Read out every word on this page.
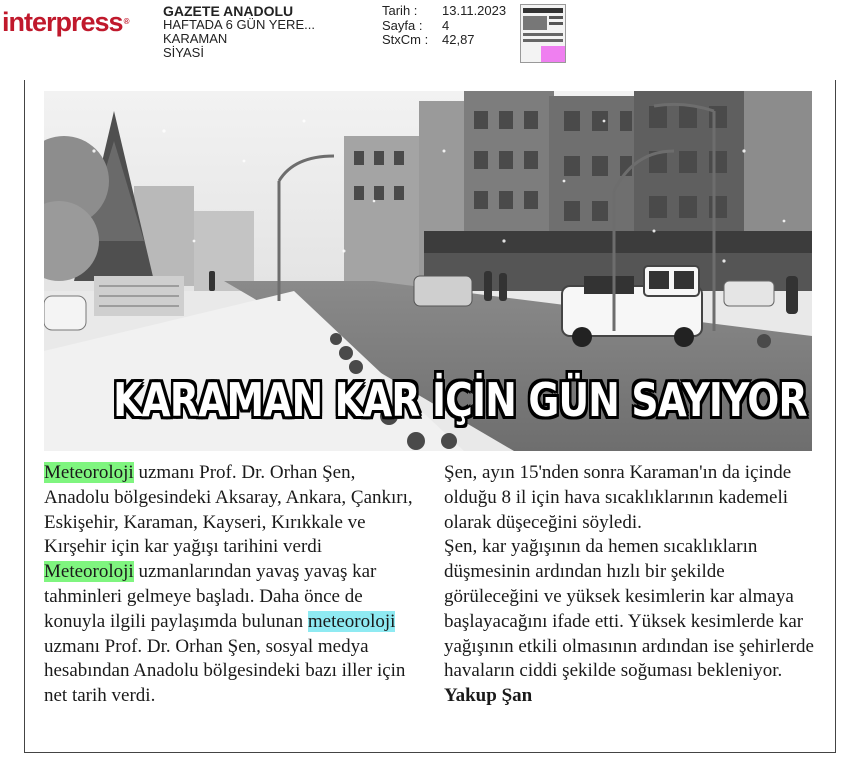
interpress®
GAZETE ANADOLU
HAFTADA 6 GÜN YERE...
KARAMAN
SİYASİ
Tarih :	13.11.2023
Sayfa :	4
StxCm :	42,87
KARAMAN KAR İÇİN GÜN SAYIYOR

Meteoroloji uzmanı Prof. Dr. Orhan Şen, Anadolu bölgesindeki Aksaray, Ankara, Çankırı, Eskişehir, Karaman, Kayseri, Kırıkkale ve Kırşehir için kar yağışı tarihini verdi

Meteoroloji uzmanlarından yavaş yavaş kar tahminleri gelmeye başladı. Daha önce de konuyla ilgili paylaşımda bulunan meteoroloji uzmanı Prof. Dr. Orhan Şen, sosyal medya hesabından Anadolu bölgesindeki bazı iller için net tarih verdi.

Şen, ayın 15'nden sonra Karaman'ın da içinde olduğu 8 il için hava sıcaklıklarının kademeli olarak düşeceğini söyledi.

Şen, kar yağışının da hemen sıcaklıkların düşmesinin ardından hızlı bir şekilde görüleceğini ve yüksek kesimlerin kar almaya başlayacağını ifade etti. Yüksek kesimlerde kar yağışının etkili olmasının ardından ise şehirlerde havaların ciddi şekilde soğuması bekleniyor.

Yakup Şan
